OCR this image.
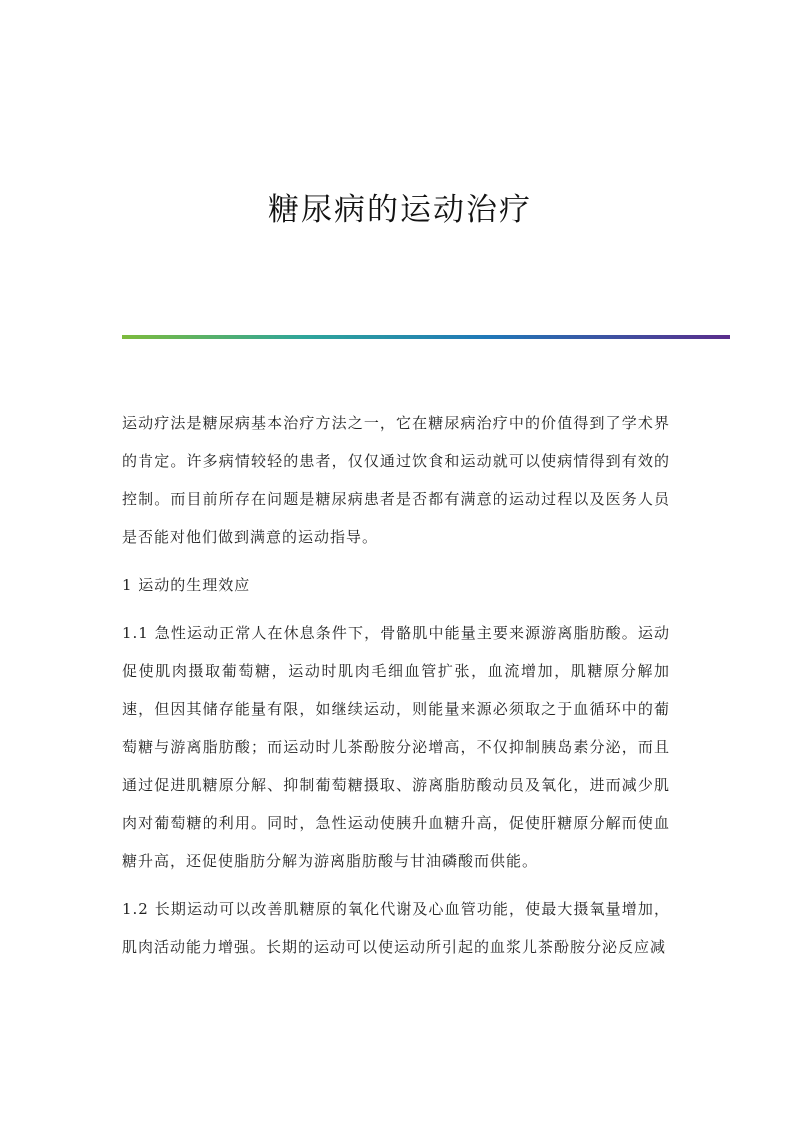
糖尿病的运动治疗

运动疗法是糖尿病基本治疗方法之一，它在糖尿病治疗中的价值得到了学术界的肯定。许多病情较轻的患者，仅仅通过饮食和运动就可以使病情得到有效的控制。而目前所存在问题是糖尿病患者是否都有满意的运动过程以及医务人员是否能对他们做到满意的运动指导。

1 运动的生理效应

1.1 急性运动正常人在休息条件下，骨骼肌中能量主要来源游离脂肪酸。运动促使肌肉摄取葡萄糖，运动时肌肉毛细血管扩张，血流增加，肌糖原分解加速，但因其储存能量有限，如继续运动，则能量来源必须取之于血循环中的葡萄糖与游离脂肪酸；而运动时儿茶酚胺分泌增高，不仅抑制胰岛素分泌，而且通过促进肌糖原分解、抑制葡萄糖摄取、游离脂肪酸动员及氧化，进而减少肌肉对葡萄糖的利用。同时，急性运动使胰升血糖升高，促使肝糖原分解而使血糖升高，还促使脂肪分解为游离脂肪酸与甘油磷酸而供能。

1.2 长期运动可以改善肌糖原的氧化代谢及心血管功能，使最大摄氧量增加，肌肉活动能力增强。长期的运动可以使运动所引起的血浆儿茶酚胺分泌反应减
